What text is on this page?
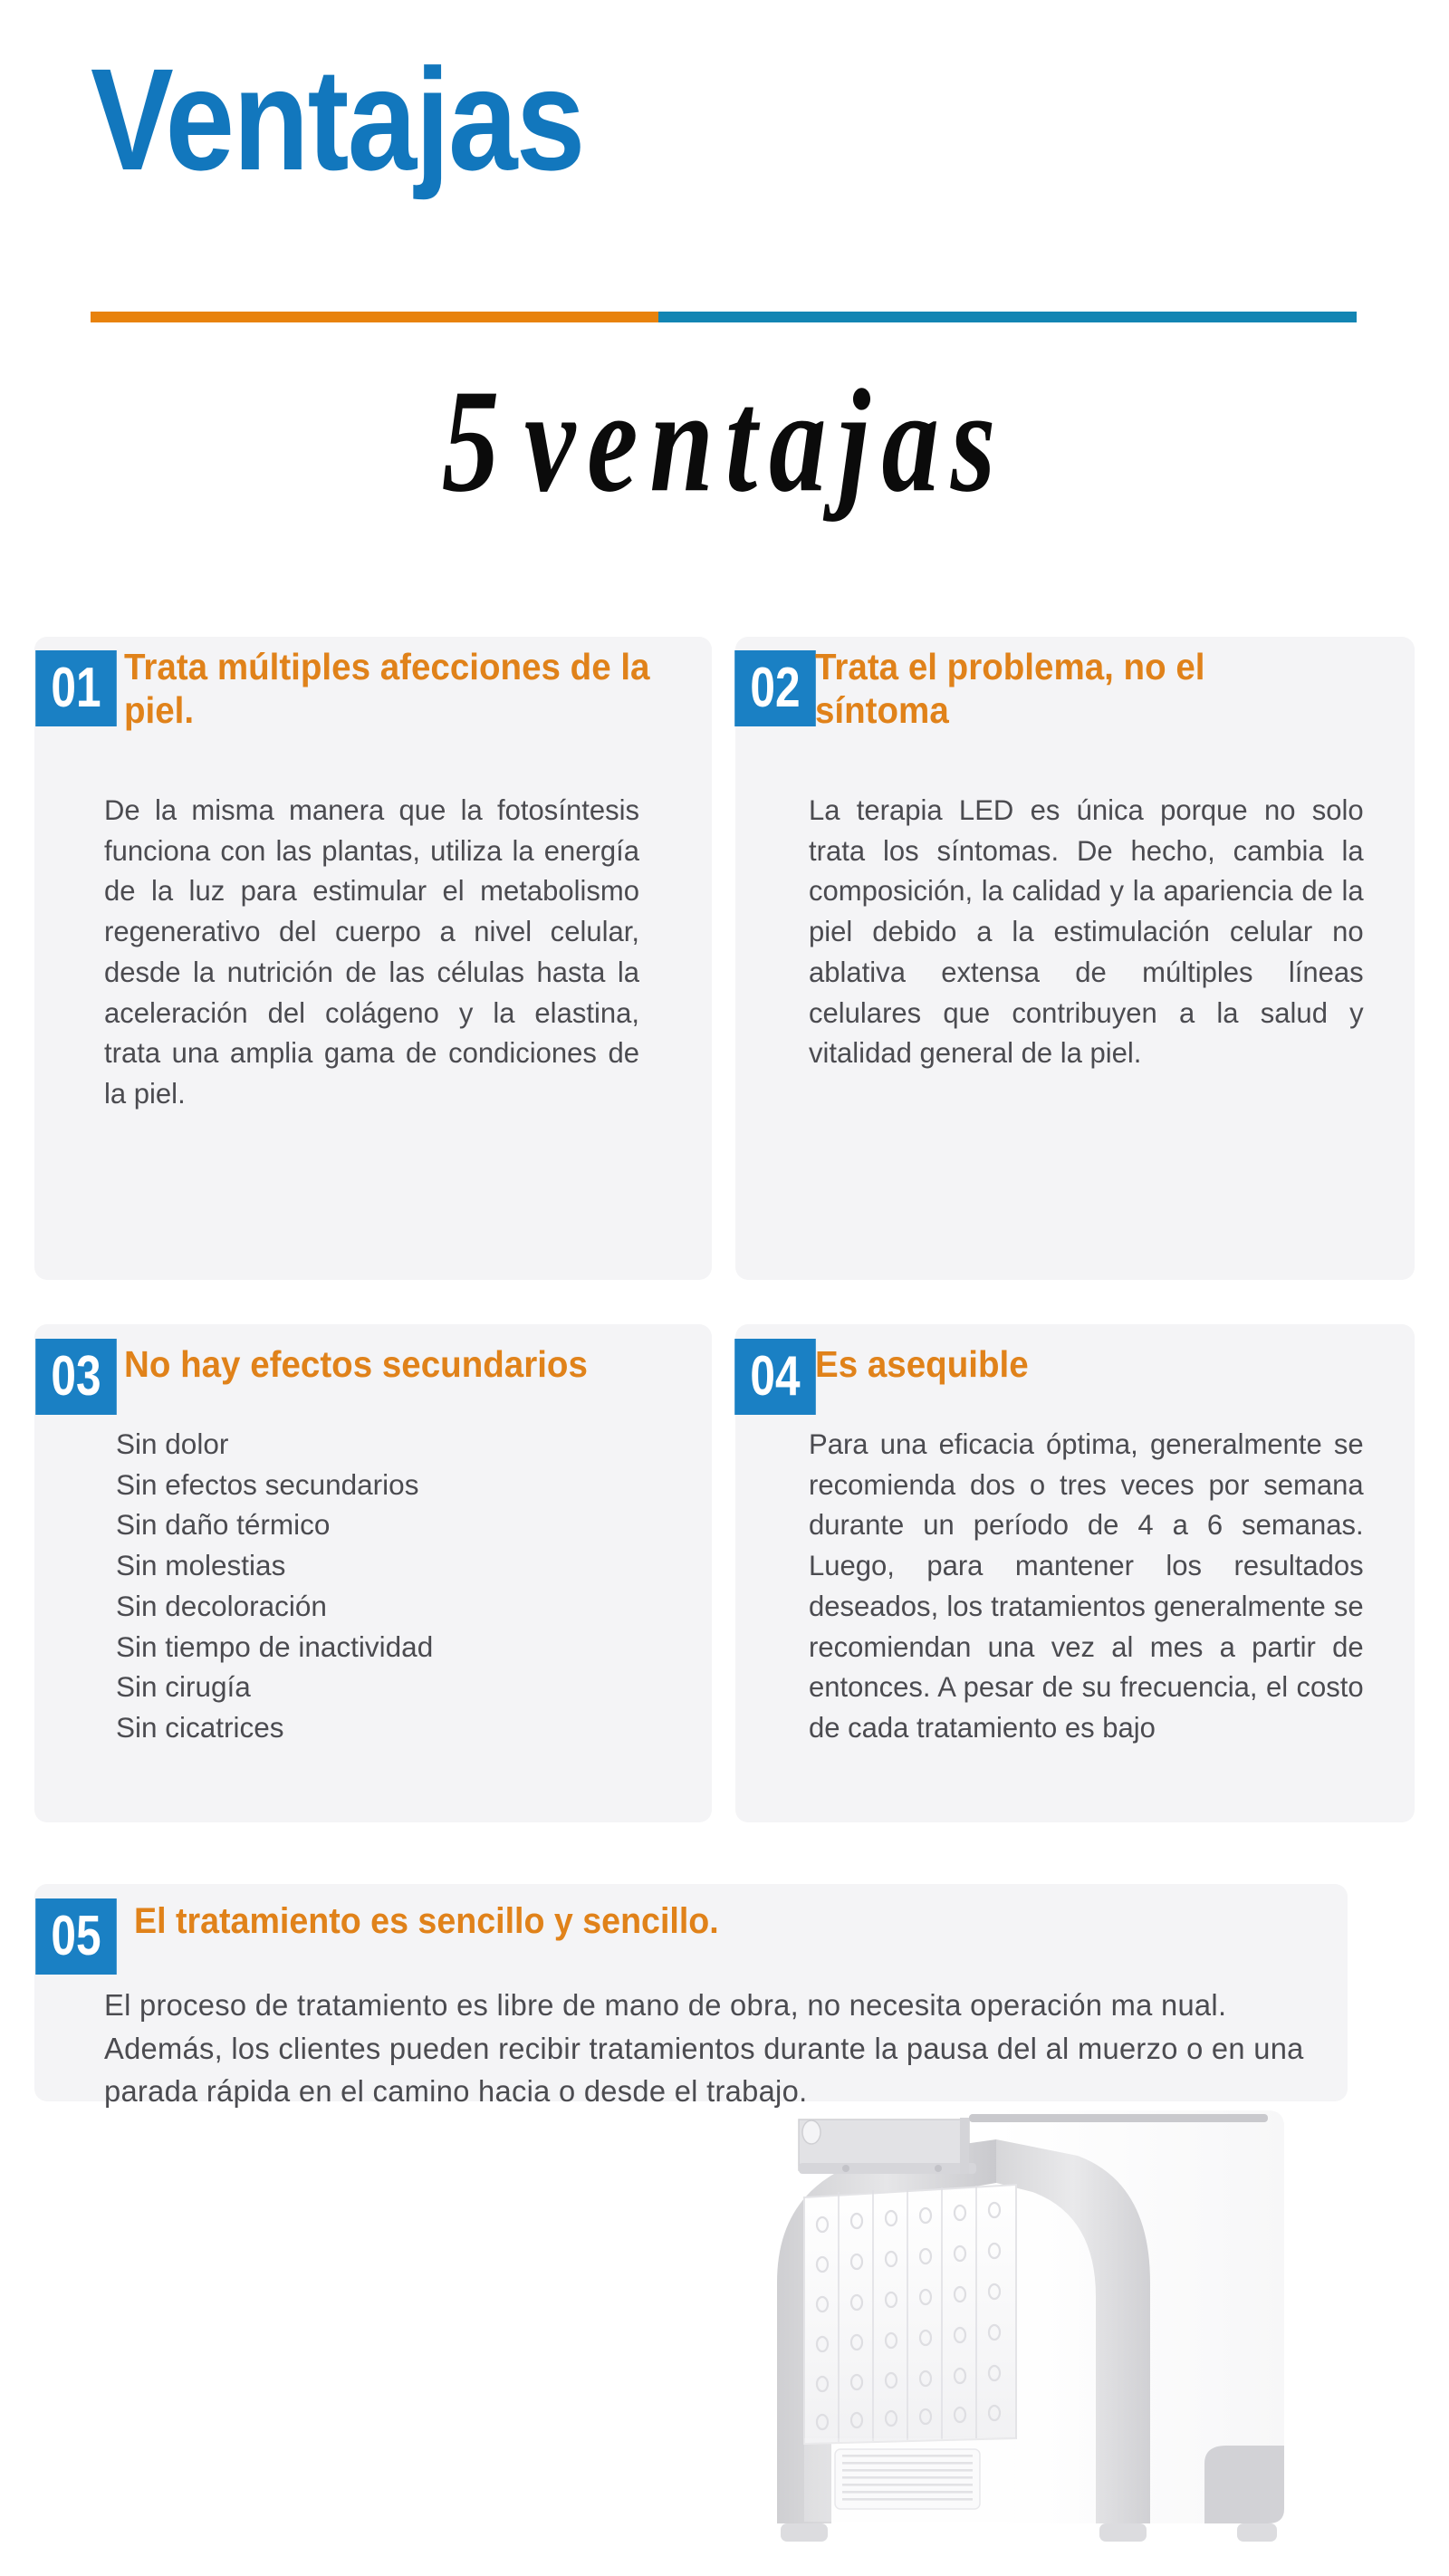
Ventajas
5ventajas
01 Trata múltiples afecciones de la piel.
De la misma manera que la fotosíntesis funciona con las plantas, utiliza la energía de la luz para estimular el metabolismo regenerativo del cuerpo a nivel celular, desde la nutrición de las células hasta la aceleración del colágeno y la elastina, trata una amplia gama de condiciones de la piel.
02 Trata el problema, no el síntoma
La terapia LED es única porque no solo trata los síntomas. De hecho, cambia la composición, la calidad y la apariencia de la piel debido a la estimulación celular no ablativa extensa de múltiples líneas celulares que contribuyen a la salud y vitalidad general de la piel.
03 No hay efectos secundarios
Sin dolor
Sin efectos secundarios
Sin daño térmico
Sin molestias
Sin decoloración
Sin tiempo de inactividad
Sin cirugía
Sin cicatrices
04 Es asequible
Para una eficacia óptima, generalmente se recomienda dos o tres veces por semana durante un período de 4 a 6 semanas. Luego, para mantener los resultados deseados, los tratamientos generalmente se recomiendan una vez al mes a partir de entonces. A pesar de su frecuencia, el costo de cada tratamiento es bajo
05 El tratamiento es sencillo y sencillo.
El proceso de tratamiento es libre de mano de obra, no necesita operación ma nual. Además, los clientes pueden recibir tratamientos durante la pausa del al muerzo o en una parada rápida en el camino hacia o desde el trabajo.
